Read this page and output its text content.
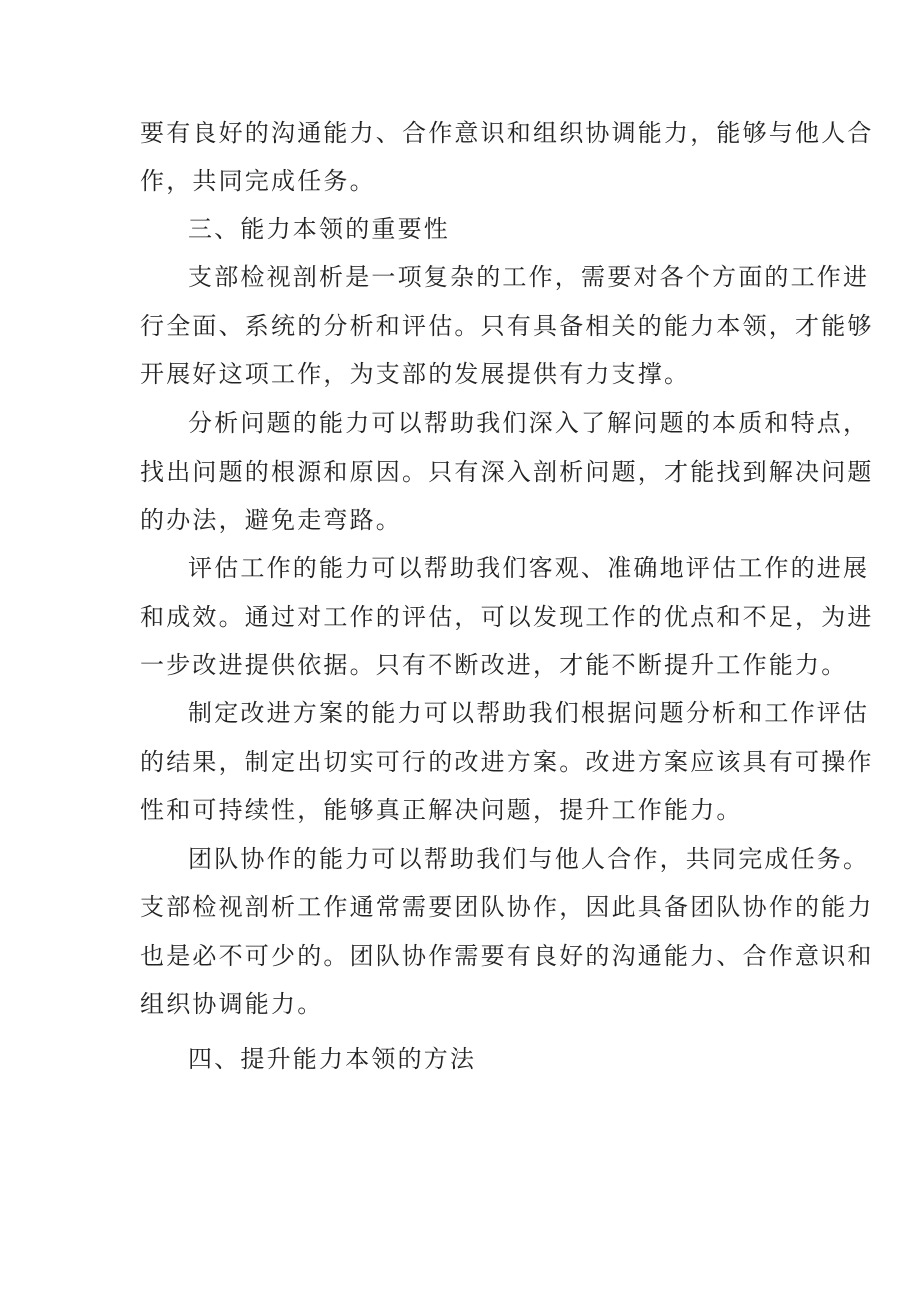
要有良好的沟通能力、合作意识和组织协调能力，能够与他人合
作，共同完成任务。
三、能力本领的重要性
支部检视剖析是一项复杂的工作，需要对各个方面的工作进
行全面、系统的分析和评估。只有具备相关的能力本领，才能够
开展好这项工作，为支部的发展提供有力支撑。
分析问题的能力可以帮助我们深入了解问题的本质和特点，
找出问题的根源和原因。只有深入剖析问题，才能找到解决问题
的办法，避免走弯路。
评估工作的能力可以帮助我们客观、准确地评估工作的进展
和成效。通过对工作的评估，可以发现工作的优点和不足，为进
一步改进提供依据。只有不断改进，才能不断提升工作能力。
制定改进方案的能力可以帮助我们根据问题分析和工作评估
的结果，制定出切实可行的改进方案。改进方案应该具有可操作
性和可持续性，能够真正解决问题，提升工作能力。
团队协作的能力可以帮助我们与他人合作，共同完成任务。
支部检视剖析工作通常需要团队协作，因此具备团队协作的能力
也是必不可少的。团队协作需要有良好的沟通能力、合作意识和
组织协调能力。
四、提升能力本领的方法
